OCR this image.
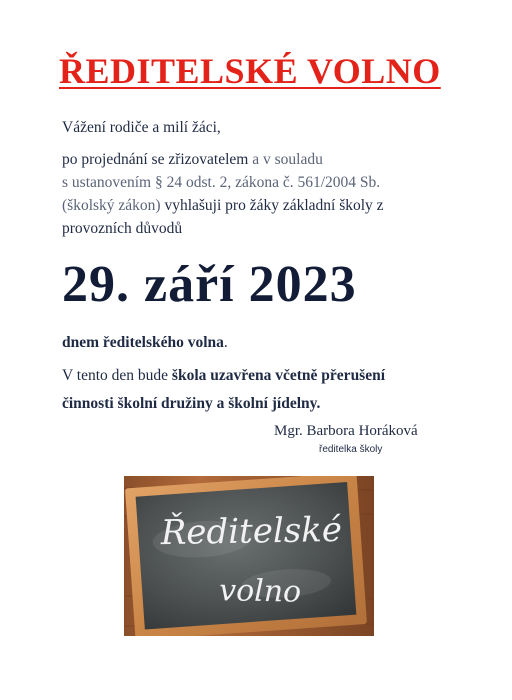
ŘEDITELSKÉ VOLNO
Vážení rodiče a milí žáci,
po projednání se zřizovatelem a v souladu
s ustanovením § 24 odst. 2, zákona č. 561/2004 Sb.
(školský zákon) vyhlašuji pro žáky základní školy z
provozních důvodů
29. září 2023
dnem ředitelského volna.
V tento den bude škola uzavřena včetně přerušení
činnosti školní družiny a školní jídelny.
Mgr. Barbora Horáková
ředitelka školy
Ředitelské
volno
